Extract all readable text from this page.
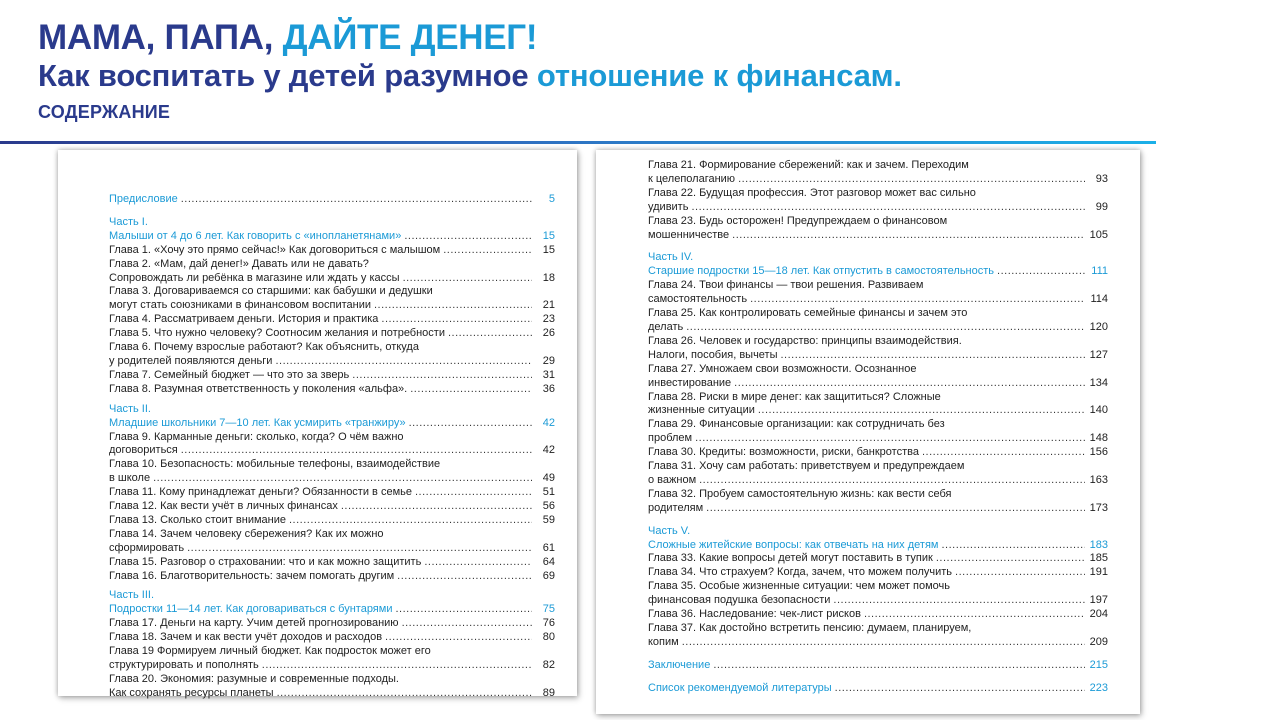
МАМА, ПАПА, ДАЙТЕ ДЕНЕГ!
Как воспитать у детей разумное отношение к финансам.
СОДЕРЖАНИЕ
Предисловие .....	5
Часть I.
Малыши от 4 до 6 лет. Как говорить с «инопланетянами» .....	15
Глава 1. «Хочу это прямо сейчас!» Как договориться с малышом .....	15
Глава 2. «Мам, дай денег!» Давать или не давать?
Сопровождать ли ребёнка в магазине или ждать у кассы .....	18
Глава 3. Договариваемся со старшими: как бабушки и дедушки
могут стать союзниками в финансовом воспитании .....	21
Глава 4. Рассматриваем деньги. История и практика .....	23
Глава 5. Что нужно человеку? Соотносим желания и потребности .....	26
Глава 6. Почему взрослые работают? Как объяснить, откуда
у родителей появляются деньги .....	29
Глава 7. Семейный бюджет — что это за зверь .....	31
Глава 8. Разумная ответственность у поколения «альфа». .....	36
Часть II.
Младшие школьники 7—10 лет. Как усмирить «транжиру» .....	42
Глава 9. Карманные деньги: сколько, когда? О чём важно
договориться .....	42
Глава 10. Безопасность: мобильные телефоны, взаимодействие
в школе .....	49
Глава 11. Кому принадлежат деньги? Обязанности в семье .....	51
Глава 12. Как вести учёт в личных финансах .....	56
Глава 13. Сколько стоит внимание .....	59
Глава 14. Зачем человеку сбережения? Как их можно
сформировать .....	61
Глава 15. Разговор о страховании: что и как можно защитить .....	64
Глава 16. Благотворительность: зачем помогать другим .....	69
Часть III.
Подростки 11—14 лет. Как договариваться с бунтарями .....	75
Глава 17. Деньги на карту. Учим детей прогнозированию .....	76
Глава 18. Зачем и как вести учёт доходов и расходов .....	80
Глава 19 Формируем личный бюджет. Как подросток может его
структурировать и пополнять .....	82
Глава 20. Экономия: разумные и современные подходы.
Как сохранять ресурсы планеты .....	89
Глава 21. Формирование сбережений: как и зачем. Переходим
к целеполаганию .....	93
Глава 22. Будущая профессия. Этот разговор может вас сильно
удивить .....	99
Глава 23. Будь осторожен! Предупреждаем о финансовом
мошенничестве .....	105
Часть IV.
Старшие подростки 15—18 лет. Как отпустить в самостоятельность .....	111
Глава 24. Твои финансы — твои решения. Развиваем
самостоятельность .....	114
Глава 25. Как контролировать семейные финансы и зачем это
делать .....	120
Глава 26. Человек и государство: принципы взаимодействия.
Налоги, пособия, вычеты .....	127
Глава 27. Умножаем свои возможности. Осознанное
инвестирование .....	134
Глава 28. Риски в мире денег: как защититься? Сложные
жизненные ситуации .....	140
Глава 29. Финансовые организации: как сотрудничать без
проблем .....	148
Глава 30. Кредиты: возможности, риски, банкротства .....	156
Глава 31. Хочу сам работать: приветствуем и предупреждаем
о важном .....	163
Глава 32. Пробуем самостоятельную жизнь: как вести себя
родителям .....	173
Часть V.
Сложные житейские вопросы: как отвечать на них детям .....	183
Глава 33. Какие вопросы детей могут поставить в тупик .....	185
Глава 34. Что страхуем? Когда, зачем, что можем получить .....	191
Глава 35. Особые жизненные ситуации: чем может помочь
финансовая подушка безопасности .....	197
Глава 36. Наследование: чек-лист рисков .....	204
Глава 37. Как достойно встретить пенсию: думаем, планируем,
копим .....	209
Заключение .....	215
Список рекомендуемой литературы .....	223
